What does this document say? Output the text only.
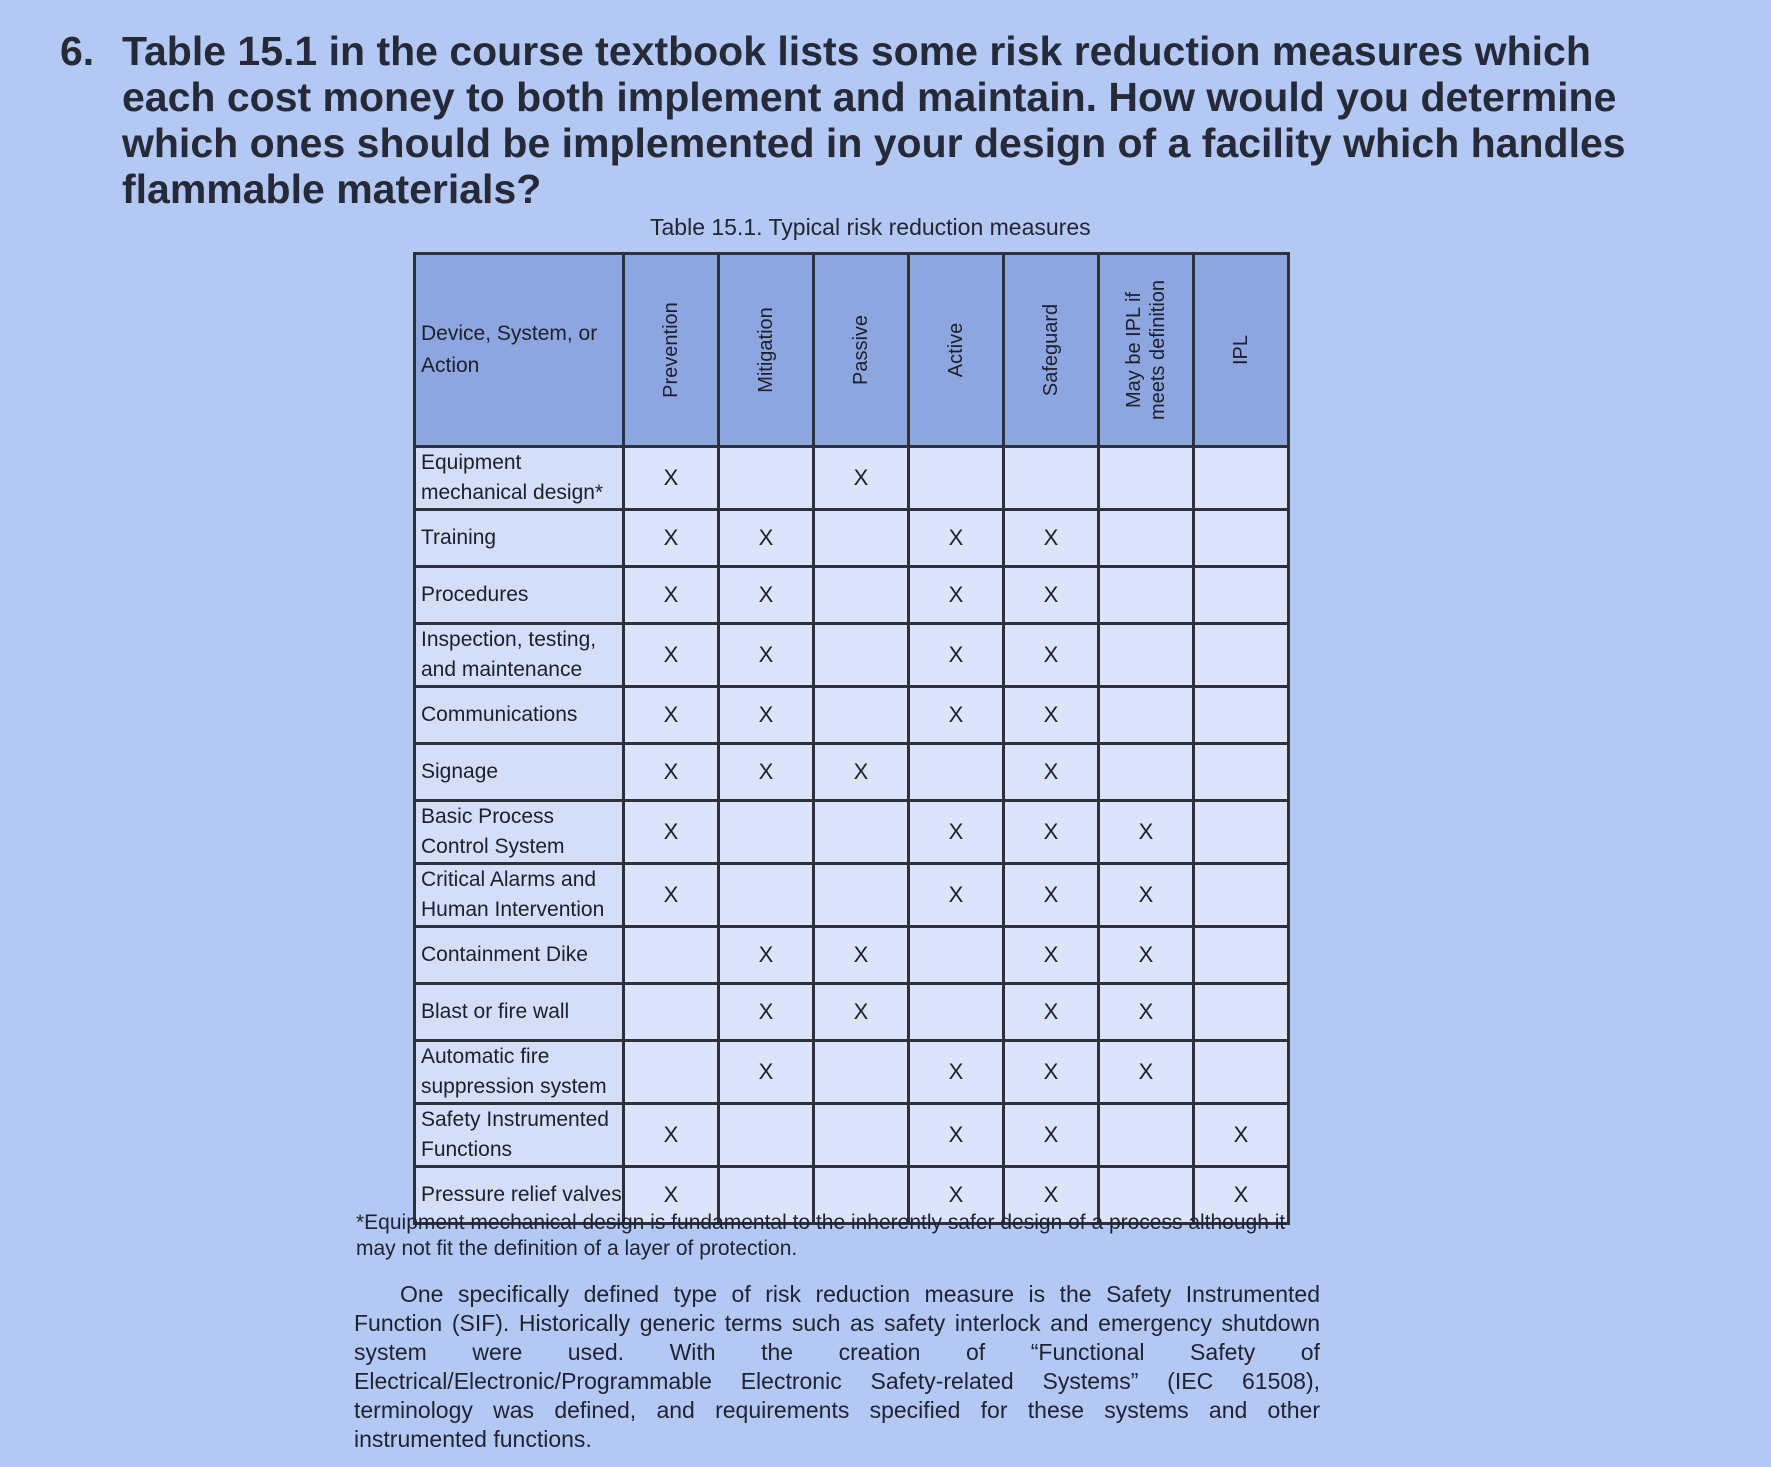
6. Table 15.1 in the course textbook lists some risk reduction measures which each cost money to both implement and maintain. How would you determine which ones should be implemented in your design of a facility which handles flammable materials?
Table 15.1. Typical risk reduction measures
Device, System, or Action	Prevention	Mitigation	Passive	Active	Safeguard	May be IPL if meets definition	IPL

Equipment mechanical design*	X		X				

Training	X	X		X	X		

Procedures	X	X		X	X		

Inspection, testing, and maintenance	X	X		X	X		

Communications	X	X		X	X		

Signage	X	X	X		X		

Basic Process Control System	X			X	X	X	

Critical Alarms and Human Intervention	X			X	X	X	

Containment Dike		X	X		X	X	

Blast or fire wall		X	X		X	X	

Automatic fire suppression system		X		X	X	X	

Safety Instrumented Functions	X			X	X		X

Pressure relief valves	X			X	X		X
*Equipment mechanical design is fundamental to the inherently safer design of a process although it may not fit the definition of a layer of protection.
One specifically defined type of risk reduction measure is the Safety Instrumented Function (SIF). Historically generic terms such as safety interlock and emergency shutdown system were used. With the creation of “Functional Safety of Electrical/Electronic/Programmable Electronic Safety-related Systems” (IEC 61508), terminology was defined, and requirements specified for these systems and other instrumented functions.
